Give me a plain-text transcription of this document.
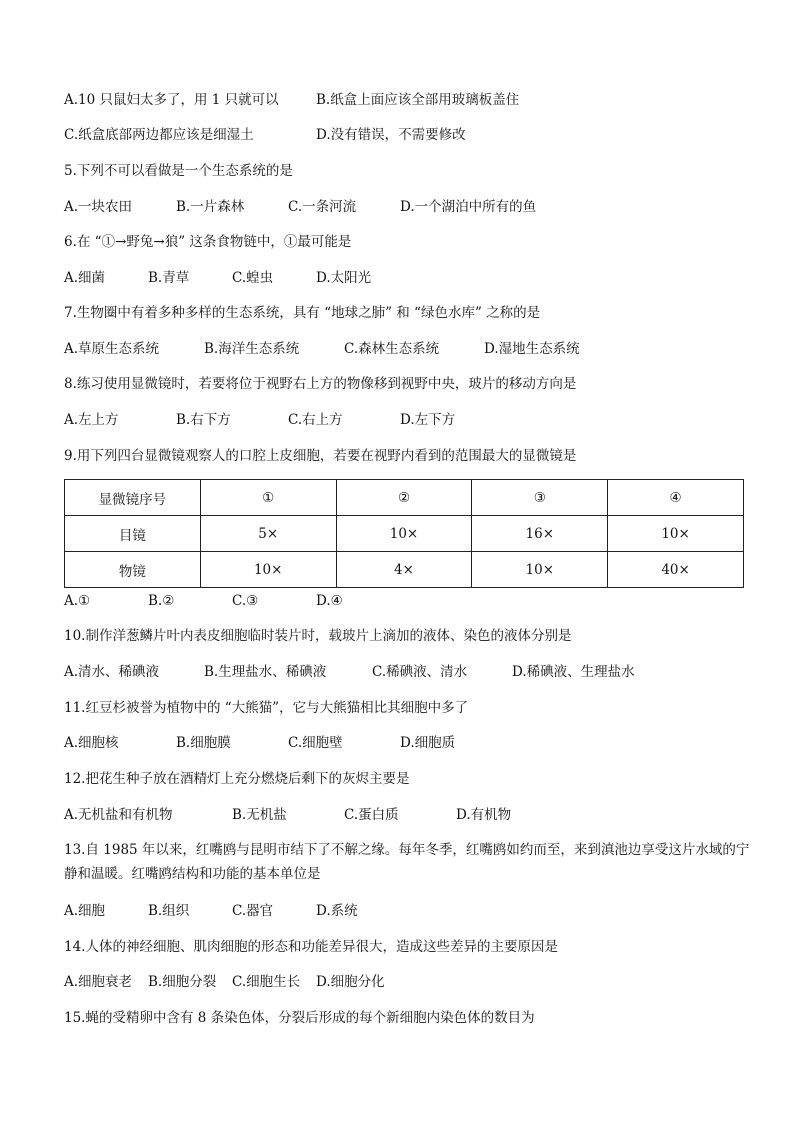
A.10 只鼠妇太多了，用 1 只就可以	B.纸盒上面应该全部用玻璃板盖住
C.纸盒底部两边都应该是细湿土	D.没有错误，不需要修改
5.下列不可以看做是一个生态系统的是
A.一块农田	B.一片森林	C.一条河流	D.一个湖泊中所有的鱼
6.在 “①→野兔→狼” 这条食物链中，①最可能是
A.细菌	B.青草	C.蝗虫	D.太阳光
7.生物圈中有着多种多样的生态系统，具有 “地球之肺” 和 “绿色水库” 之称的是
A.草原生态系统	B.海洋生态系统	C.森林生态系统	D.湿地生态系统
8.练习使用显微镜时，若要将位于视野右上方的物像移到视野中央，玻片的移动方向是
A.左上方	B.右下方	C.右上方	D.左下方
9.用下列四台显微镜观察人的口腔上皮细胞，若要在视野内看到的范围最大的显微镜是
显微镜序号	①	②	③	④
目镜	5×	10×	16×	10×
物镜	10×	4×	10×	40×
A.①	B.②	C.③	D.④
10.制作洋葱鳞片叶内表皮细胞临时装片时，载玻片上滴加的液体、染色的液体分别是
A.清水、稀碘液	B.生理盐水、稀碘液	C.稀碘液、清水	D.稀碘液、生理盐水
11.红豆杉被誉为植物中的 “大熊猫”，它与大熊猫相比其细胞中多了
A.细胞核	B.细胞膜	C.细胞壁	D.细胞质
12.把花生种子放在酒精灯上充分燃烧后剩下的灰烬主要是
A.无机盐和有机物	B.无机盐	C.蛋白质	D.有机物
13.自 1985 年以来，红嘴鸥与昆明市结下了不解之缘。每年冬季，红嘴鸥如约而至，来到滇池边享受这片水域的宁静和温暖。红嘴鸥结构和功能的基本单位是
A.细胞	B.组织	C.器官	D.系统
14.人体的神经细胞、肌肉细胞的形态和功能差异很大，造成这些差异的主要原因是
A.细胞衰老 B.细胞分裂 C.细胞生长 D.细胞分化
15.蝇的受精卵中含有 8 条染色体，分裂后形成的每个新细胞内染色体的数目为
